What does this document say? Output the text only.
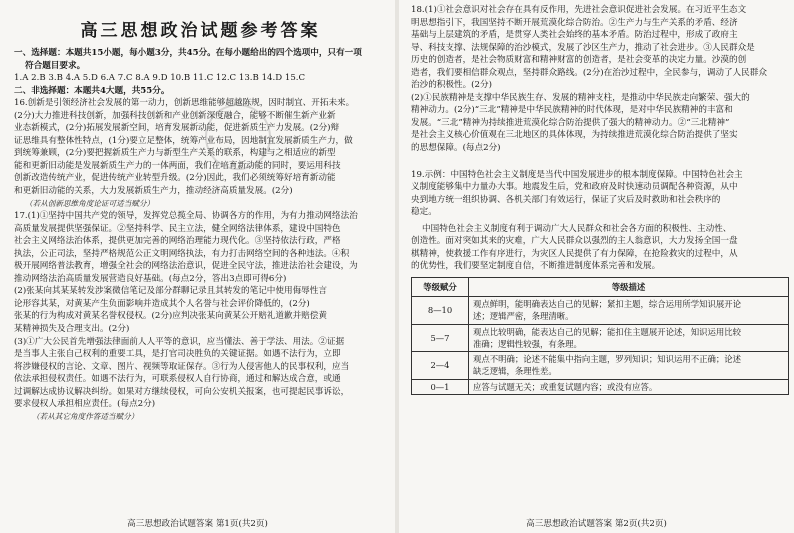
高三思想政治试题参考答案
一、选择题：本题共15小题，每小题3分，共45分。在每小题给出的四个选项中，只有一项
符合题目要求。
1.A 2.B 3.B 4.A 5.D 6.A 7.C 8.A 9.D 10.B 11.C 12.C 13.B 14.D 15.C
二、非选择题：本题共4大题，共55分。
16.创新是引领经济社会发展的第一动力，创新思维能够超越陈规，因时制宜、开拓未来。
(2分)大力推进科技创新，加强科技创新和产业创新深度融合，能够不断催生新产业新
业态新模式，(2分)拓展发展新空间，培育发展新动能，促进新质生产力发展。(2分)辩
证思维具有整体性特点，(1分)要立足整体，统筹产业布局，因地制宜发展新质生产力，做
到统筹兼顾，(2分)要把握新质生产力与新型生产关系的联系，构建与之相适应的新型
能和更新旧动能是发展新质生产力的一体两面，我们在培育新动能的同时，要运用科技
创新改造传统产业，促进传统产业转型升级。(2分)因此，我们必须统筹好培育新动能
和更新旧动能的关系，大力发展新质生产力，推动经济高质量发展。(2分)
（若从创新思维角度论证可适当赋分）
17.(1)①坚持中国共产党的领导，发挥党总揽全局、协调各方的作用，为有力推动网络法治
高质量发展提供坚强保证。②坚持科学、民主立法，健全网络法律体系，建设中国特色
社会主义网络法治体系，提供更加完善的网络治理能力现代化。③坚持依法行政，严格
执法，公正司法，坚持严格规范公正文明网络执法，有力打击网络空间的各种违法。④积
极开展网络普法教育，增强全社会的网络法治意识，促进全民守法，推进法治社会建设，为
推动网络法治高质量发展营造良好基础。(每点2分，答出3点即可得6分)
(2)张某向其某某转发涉案微信笔记及部分群聊记录且其转发的笔记中使用侮辱性言
论形容其某，对黄某产生负面影响并造成其个人名誉与社会评价降低的，(2分)
张某的行为构成对黄某名誉权侵权。(2分)应判决张某向黄某公开赔礼道歉并赔偿黄
某精神损失及合理支出。(2分)
(3)①广大公民首先增强法律面前人人平等的意识，应当懂法、善于学法、用法。②证据
是当事人主张自己权利的重要工具，是打官司决胜负的关键证据。如遇不法行为，立即
将涉嫌侵权的言论、文章、图片、视频等取证保存。③行为人侵害他人的民事权利，应当
依法承担侵权责任。如遇不法行为，可联系侵权人自行协商，通过和解达成合意，或通
过调解达成协议解决纠纷。如果对方继续侵权，可向公安机关报案，也可提起民事诉讼，
要求侵权人承担相应责任。(每点2分)
（若从其它角度作答适当赋分）
高三思想政治试题答案 第1页(共2页)
18.(1)①社会意识对社会存在具有反作用，先进社会意识促进社会发展。在习近平生态文
明思想指引下，我国坚持不断开展荒漠化综合防治。②生产力与生产关系的矛盾、经济
基础与上层建筑的矛盾，是贯穿人类社会始终的基本矛盾。防治过程中，形成了政府主
导、科技支撑、法规保障的治沙模式，发展了沙区生产力，推动了社会进步。③人民群众是
历史的创造者，是社会物质财富和精神财富的创造者，是社会变革的决定力量。沙漠的创
造者，我们要相信群众观点，坚持群众路线。(2分)在治沙过程中，全民参与，调动了人民群众
治沙的积极性。(2分)
(2)①民族精神是支撑中华民族生存、发展的精神支柱，是推动中华民族走向繁荣、强大的
精神动力。(2分)“三北”精神是中华民族精神的时代体现，是对中华民族精神的丰富和
发展。“三北”精神为持续推进荒漠化综合防治提供了强大的精神动力。②“三北精神”
是社会主义核心价值观在三北地区的具体体现，为持续推进荒漠化综合防治提供了坚实
的思想保障。(每点2分)
19.示例：中国特色社会主义制度是当代中国发展进步的根本制度保障。中国特色社会主
义制度能够集中力量办大事。地震发生后，党和政府及时快速动员调配各种资源，从中
央到地方统一组织协调、各机关部门有效运行，保证了灾后及时救助和社会秩序的
稳定。
中国特色社会主义制度有利于调动广大人民群众和社会各方面的积极性、主动性、
创造性。面对突如其来的灾难，广大人民群众以强烈的主人翁意识，大力发扬全国一盘
棋精神，使救援工作有序进行，为灾区人民提供了有力保障，在抢险救灾的过程中，从
的优势性，我们要坚定制度自信，不断推进制度体系完善和发展。
等级赋分	等级描述
8—10	观点鲜明，能明确表达自己的见解；紧扣主题，综合运用所学知识展开论
述；逻辑严密，条理清晰。

5—7	观点比较明确，能表达自己的见解；能扣住主题展开论述，知识运用比较
准确；逻辑性较强，有条理。

2—4	观点不明确；论述不能集中指向主题，罗列知识；知识运用不正确；论述
缺乏逻辑，条理性差。

0—1	应答与试题无关；或重复试题内容；或没有应答。
高三思想政治试题答案 第2页(共2页)
